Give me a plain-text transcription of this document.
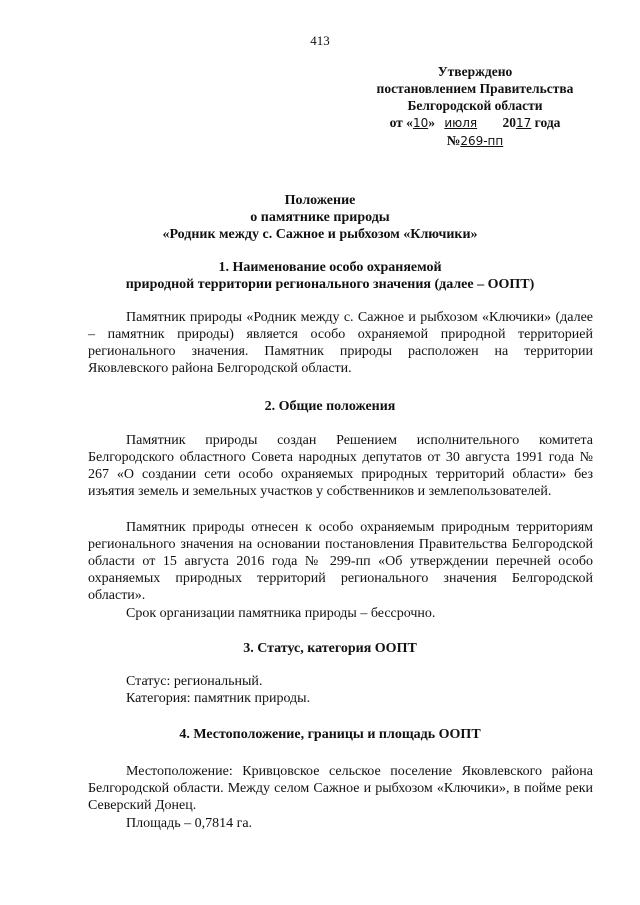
413
Утверждено
постановлением Правительства
Белгородской области
от «10» июля 2017 года
№269-пп
Положение
о памятнике природы
«Родник между с. Сажное и рыбхозом «Ключики»
1. Наименование особо охраняемой
природной территории регионального значения (далее – ООПТ)
Памятник природы «Родник между с. Сажное и рыбхозом «Ключики» (далее – памятник природы) является особо охраняемой природной территорией регионального значения. Памятник природы расположен на территории Яковлевского района Белгородской области.
2. Общие положения
Памятник природы создан Решением исполнительного комитета Белгородского областного Совета народных депутатов от 30 августа 1991 года № 267 «О создании сети особо охраняемых природных территорий области» без изъятия земель и земельных участков у собственников и землепользователей.
Памятник природы отнесен к особо охраняемым природным территориям регионального значения на основании постановления Правительства Белгородской области от 15 августа 2016 года № 299-пп «Об утверждении перечней особо охраняемых природных территорий регионального значения Белгородской области».
Срок организации памятника природы – бессрочно.
3. Статус, категория ООПТ
Статус: региональный.
Категория: памятник природы.
4. Местоположение, границы и площадь ООПТ
Местоположение: Кривцовское сельское поселение Яковлевского района Белгородской области. Между селом Сажное и рыбхозом «Ключики», в пойме реки Северский Донец.
Площадь – 0,7814 га.
